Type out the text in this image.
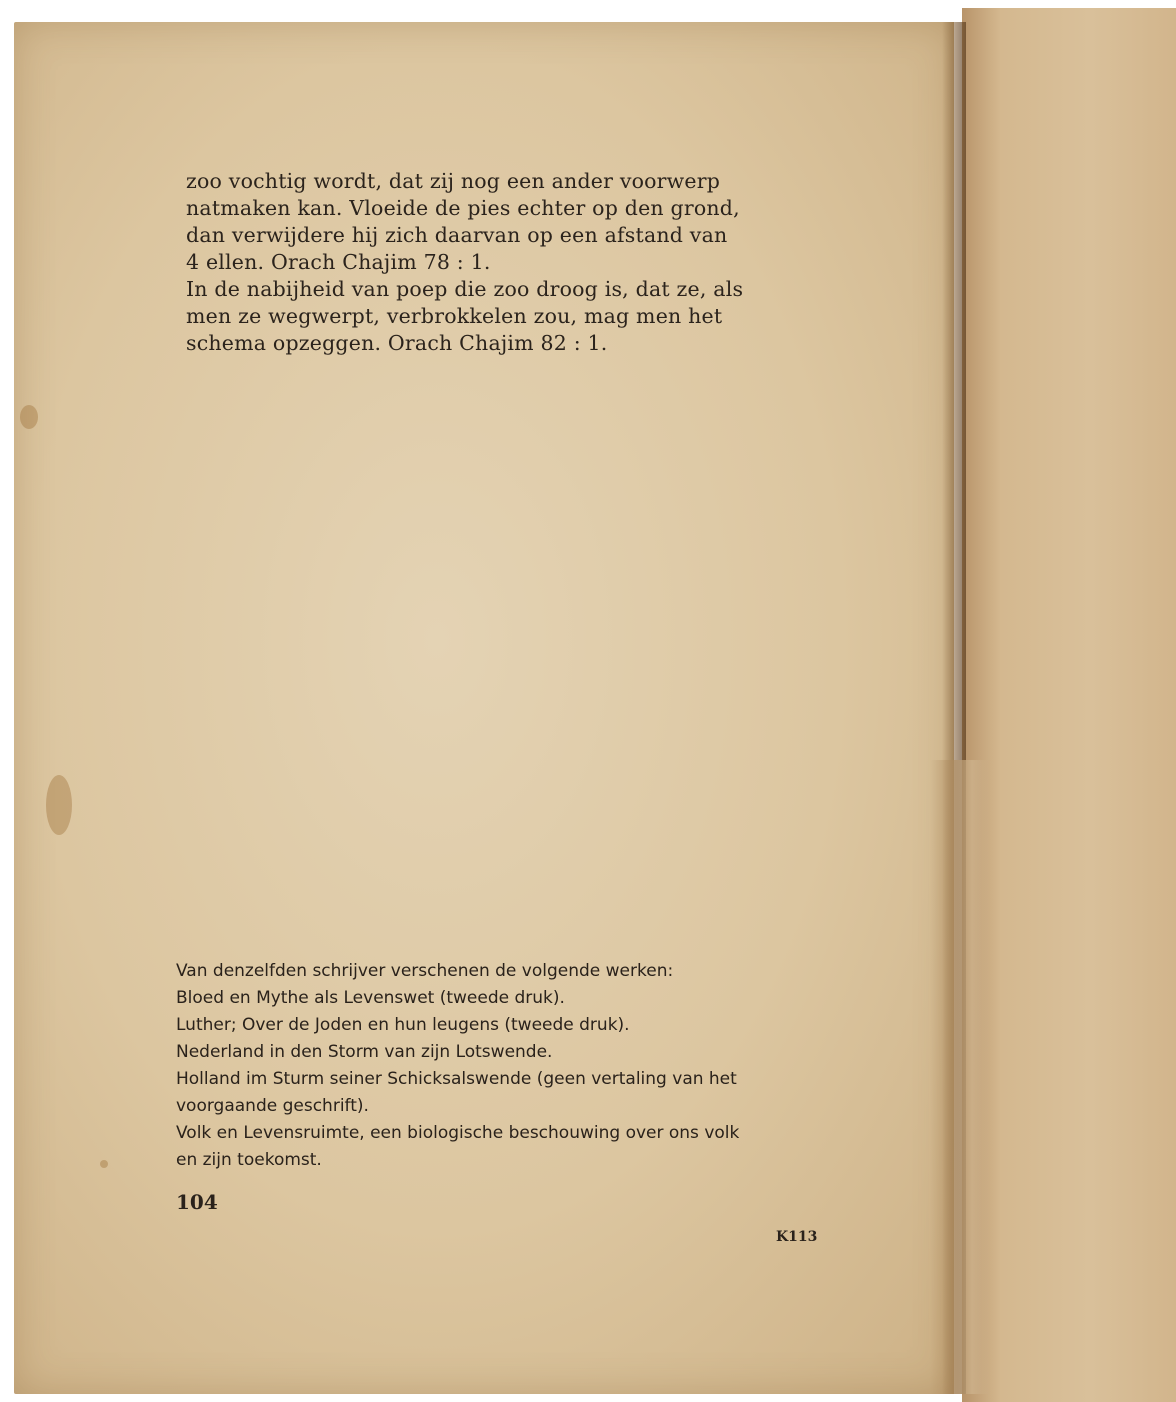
zoo vochtig wordt, dat zij nog een ander voorwerp
natmaken kan. Vloeide de pies echter op den grond,
dan verwijdere hij zich daarvan op een afstand van
4 ellen. Orach Chajim 78 : 1.

In de nabijheid van poep die zoo droog is, dat ze, als
men ze wegwerpt, verbrokkelen zou, mag men het
schema opzeggen. Orach Chajim 82 : 1.

Van denzelfden schrijver verschenen de volgende werken:
Bloed en Mythe als Levenswet (tweede druk).
Luther; Over de Joden en hun leugens (tweede druk).
Nederland in den Storm van zijn Lotswende.
Holland im Sturm seiner Schicksalswende (geen vertaling van het
voorgaande geschrift).
Volk en Levensruimte, een biologische beschouwing over ons volk
en zijn toekomst.
104
K113
